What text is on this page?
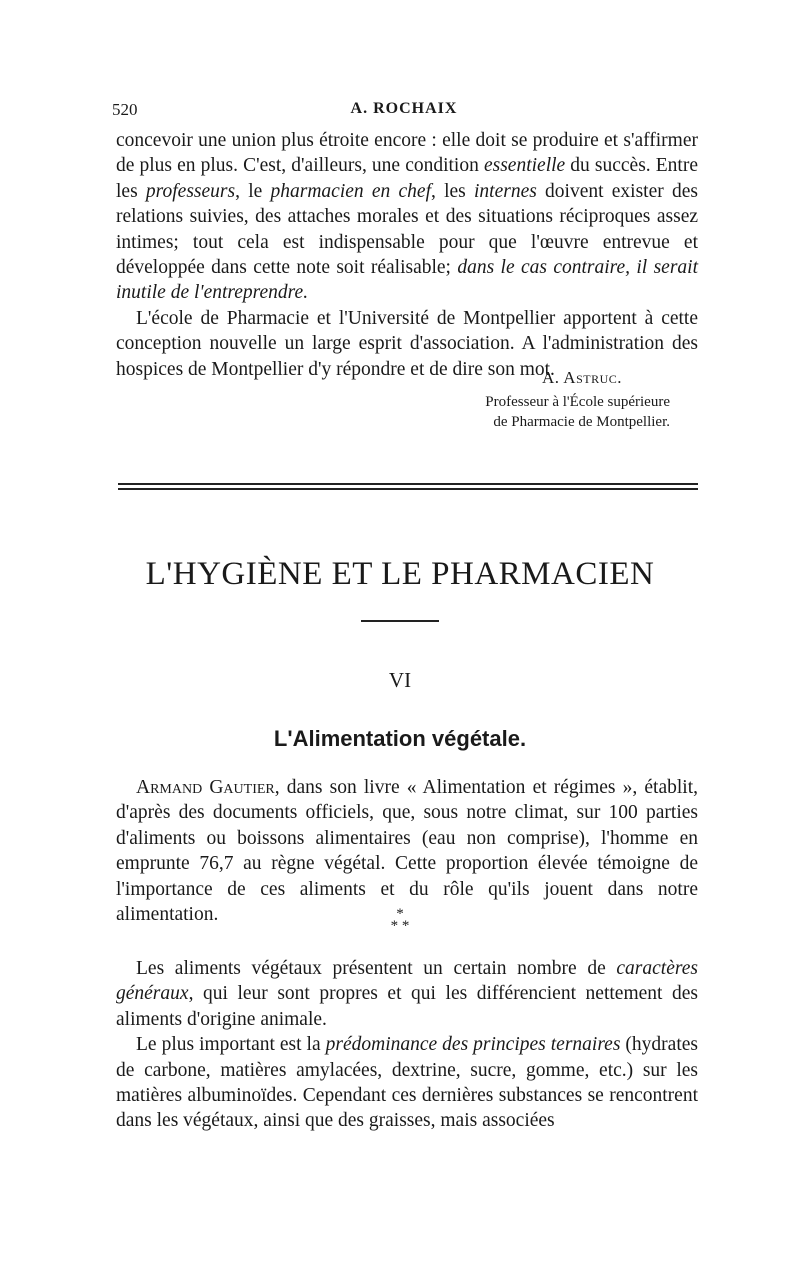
520	A. ROCHAIX

concevoir une union plus étroite encore : elle doit se produire et s'affirmer de plus en plus. C'est, d'ailleurs, une condition essentielle du succès. Entre les professeurs, le pharmacien en chef, les internes doivent exister des relations suivies, des attaches morales et des situations réciproques assez intimes; tout cela est indispensable pour que l'œuvre entrevue et développée dans cette note soit réalisable; dans le cas contraire, il serait inutile de l'entreprendre.

L'école de Pharmacie et l'Université de Montpellier apportent à cette conception nouvelle un large esprit d'association. A l'administration des hospices de Montpellier d'y répondre et de dire son mot.

A. Astruc.
Professeur à l'École supérieure
de Pharmacie de Montpellier.
L'HYGIÈNE ET LE PHARMACIEN
VI
L'Alimentation végétale.

Armand Gautier, dans son livre « Alimentation et régimes », établit, d'après des documents officiels, que, sous notre climat, sur 100 parties d'aliments ou boissons alimentaires (eau non comprise), l'homme en emprunte 76,7 au règne végétal. Cette proportion élevée témoigne de l'importance de ces aliments et du rôle qu'ils jouent dans notre alimentation.	*
* *

Les aliments végétaux présentent un certain nombre de caractères généraux, qui leur sont propres et qui les différencient nettement des aliments d'origine animale.

Le plus important est la prédominance des principes ternaires (hydrates de carbone, matières amylacées, dextrine, sucre, gomme, etc.) sur les matières albuminoïdes. Cependant ces dernières substances se rencontrent dans les végétaux, ainsi que des graisses, mais associées
